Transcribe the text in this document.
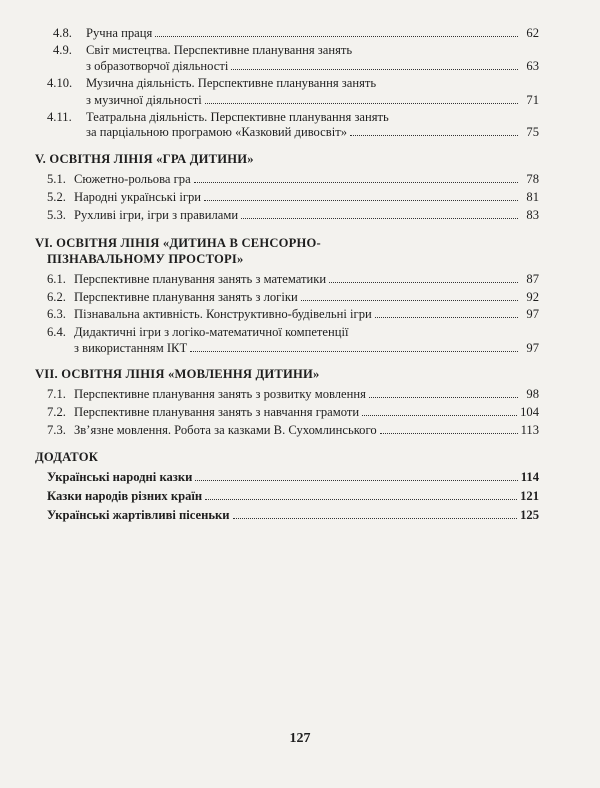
4.8.	Ручна праця	62
4.9. Світ мистецтва. Перспективне планування занять
з образотворчої діяльності	63
4.10. Музична діяльність. Перспективне планування занять
з музичної діяльності	71
4.11. Театральна діяльність. Перспективне планування занять
за парціальною програмою «Казковий дивосвіт»	75
V. ОСВІТНЯ ЛІНІЯ «ГРА ДИТИНИ»
5.1. Сюжетно-рольова гра	78
5.2. Народні українські ігри	81
5.3. Рухливі ігри, ігри з правилами	83
VI. ОСВІТНЯ ЛІНІЯ «ДИТИНА В СЕНСОРНО-
ПІЗНАВАЛЬНОМУ ПРОСТОРІ»
6.1. Перспективне планування занять з математики	87
6.2. Перспективне планування занять з логіки	92
6.3. Пізнавальна активність. Конструктивно-будівельні ігри	97
6.4. Дидактичні ігри з логіко-математичної компетенції
з використанням ІКТ	97
VII. ОСВІТНЯ ЛІНІЯ «МОВЛЕННЯ ДИТИНИ»
7.1. Перспективне планування занять з розвитку мовлення	98
7.2. Перспективне планування занять з навчання грамоти	104
7.3. Зв’язне мовлення. Робота за казками В. Сухомлинського	113
ДОДАТОК
Українські народні казки	114
Казки народів різних країн	121
Українські жартівливі пісеньки	125
127
